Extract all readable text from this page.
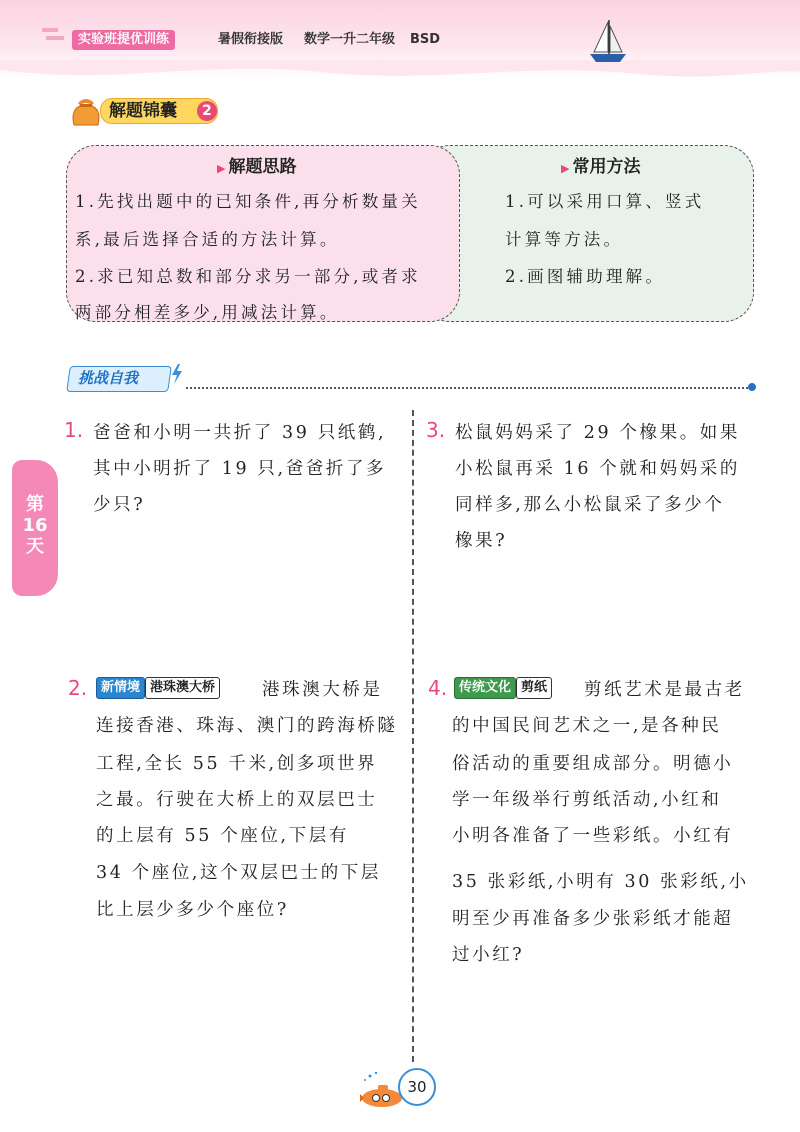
实验班提优训练	暑假衔接版 数学一升二年级 BSD
解题锦囊	2
▶ 常用方法
1.可以采用口算、竖式
计算等方法。
2.画图辅助理解。
▶ 解题思路
1.先找出题中的已知条件,再分析数量关
系,最后选择合适的方法计算。
2.求已知总数和部分求另一部分,或者求
两部分相差多少,用减法计算。
挑战自我
第
16
天
1. 爸爸和小明一共折了 39 只纸鹤,
其中小明折了 19 只,爸爸折了多
少只?
3. 松鼠妈妈采了 29 个橡果。如果
小松鼠再采 16 个就和妈妈采的
同样多,那么小松鼠采了多少个
橡果?
2.	新情境 港珠澳大桥	港珠澳大桥是
连接香港、珠海、澳门的跨海桥隧
工程,全长 55 千米,创多项世界
之最。行驶在大桥上的双层巴士
的上层有 55 个座位,下层有
34 个座位,这个双层巴士的下层
比上层少多少个座位?
4. 传统文化 剪纸 剪纸艺术是最古老
的中国民间艺术之一,是各种民
俗活动的重要组成部分。明德小
学一年级举行剪纸活动,小红和
小明各准备了一些彩纸。小红有
35 张彩纸,小明有 30 张彩纸,小
明至少再准备多少张彩纸才能超
过小红?
30
